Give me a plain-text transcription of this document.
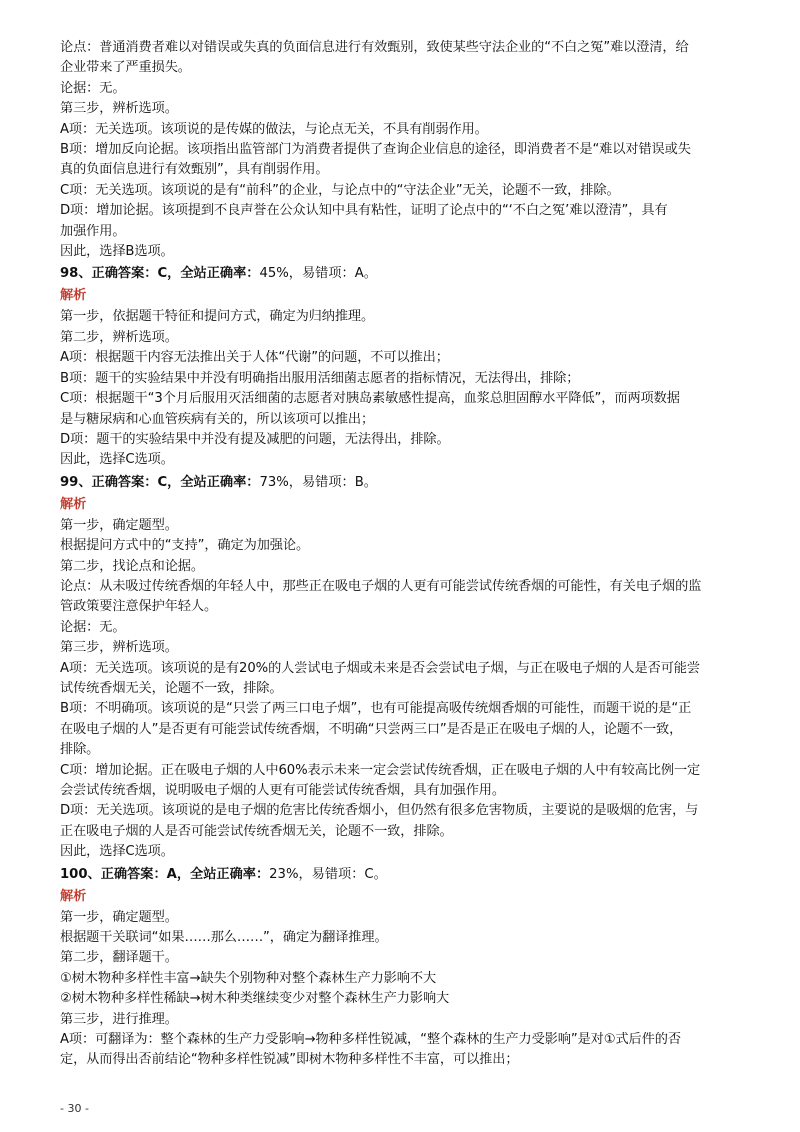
论点：普通消费者难以对错误或失真的负面信息进行有效甄别，致使某些守法企业的“不白之冤”难以澄清，给
企业带来了严重损失。
论据：无。
第三步，辨析选项。
A项：无关选项。该项说的是传媒的做法，与论点无关，不具有削弱作用。
B项：增加反向论据。该项指出监管部门为消费者提供了查询企业信息的途径，即消费者不是“难以对错误或失
真的负面信息进行有效甄别”，具有削弱作用。
C项：无关选项。该项说的是有“前科”的企业，与论点中的“守法企业”无关，论题不一致，排除。
D项：增加论据。该项提到不良声誉在公众认知中具有粘性，证明了论点中的“‘不白之冤’难以澄清”，具有
加强作用。
因此，选择B选项。
98、正确答案：C，全站正确率：45%，易错项：A。
解析
第一步，依据题干特征和提问方式，确定为归纳推理。
第二步，辨析选项。
A项：根据题干内容无法推出关于人体“代谢”的问题，不可以推出；
B项：题干的实验结果中并没有明确指出服用活细菌志愿者的指标情况，无法得出，排除；
C项：根据题干“3个月后服用灭活细菌的志愿者对胰岛素敏感性提高，血浆总胆固醇水平降低”，而两项数据
是与糖尿病和心血管疾病有关的，所以该项可以推出；
D项：题干的实验结果中并没有提及减肥的问题，无法得出，排除。
因此，选择C选项。
99、正确答案：C，全站正确率：73%，易错项：B。
解析
第一步，确定题型。
根据提问方式中的“支持”，确定为加强论。
第二步，找论点和论据。
论点：从未吸过传统香烟的年轻人中，那些正在吸电子烟的人更有可能尝试传统香烟的可能性，有关电子烟的监
管政策要注意保护年轻人。
论据：无。
第三步，辨析选项。
A项：无关选项。该项说的是有20%的人尝试电子烟或未来是否会尝试电子烟，与正在吸电子烟的人是否可能尝
试传统香烟无关，论题不一致，排除。
B项：不明确项。该项说的是“只尝了两三口电子烟”，也有可能提高吸传统烟香烟的可能性，而题干说的是“正
在吸电子烟的人”是否更有可能尝试传统香烟，不明确“只尝两三口”是否是正在吸电子烟的人，论题不一致，
排除。
C项：增加论据。正在吸电子烟的人中60%表示未来一定会尝试传统香烟，正在吸电子烟的人中有较高比例一定
会尝试传统香烟，说明吸电子烟的人更有可能尝试传统香烟，具有加强作用。
D项：无关选项。该项说的是电子烟的危害比传统香烟小，但仍然有很多危害物质，主要说的是吸烟的危害，与
正在吸电子烟的人是否可能尝试传统香烟无关，论题不一致，排除。
因此，选择C选项。
100、正确答案：A，全站正确率：23%，易错项：C。
解析
第一步，确定题型。
根据题干关联词“如果……那么……”，确定为翻译推理。
第二步，翻译题干。
①树木物种多样性丰富→缺失个别物种对整个森林生产力影响不大
②树木物种多样性稀缺→树木种类继续变少对整个森林生产力影响大
第三步，进行推理。
A项：可翻译为：整个森林的生产力受影响→物种多样性锐减，“整个森林的生产力受影响”是对①式后件的否
定，从而得出否前结论“物种多样性锐减”即树木物种多样性不丰富，可以推出；
- 30 -
